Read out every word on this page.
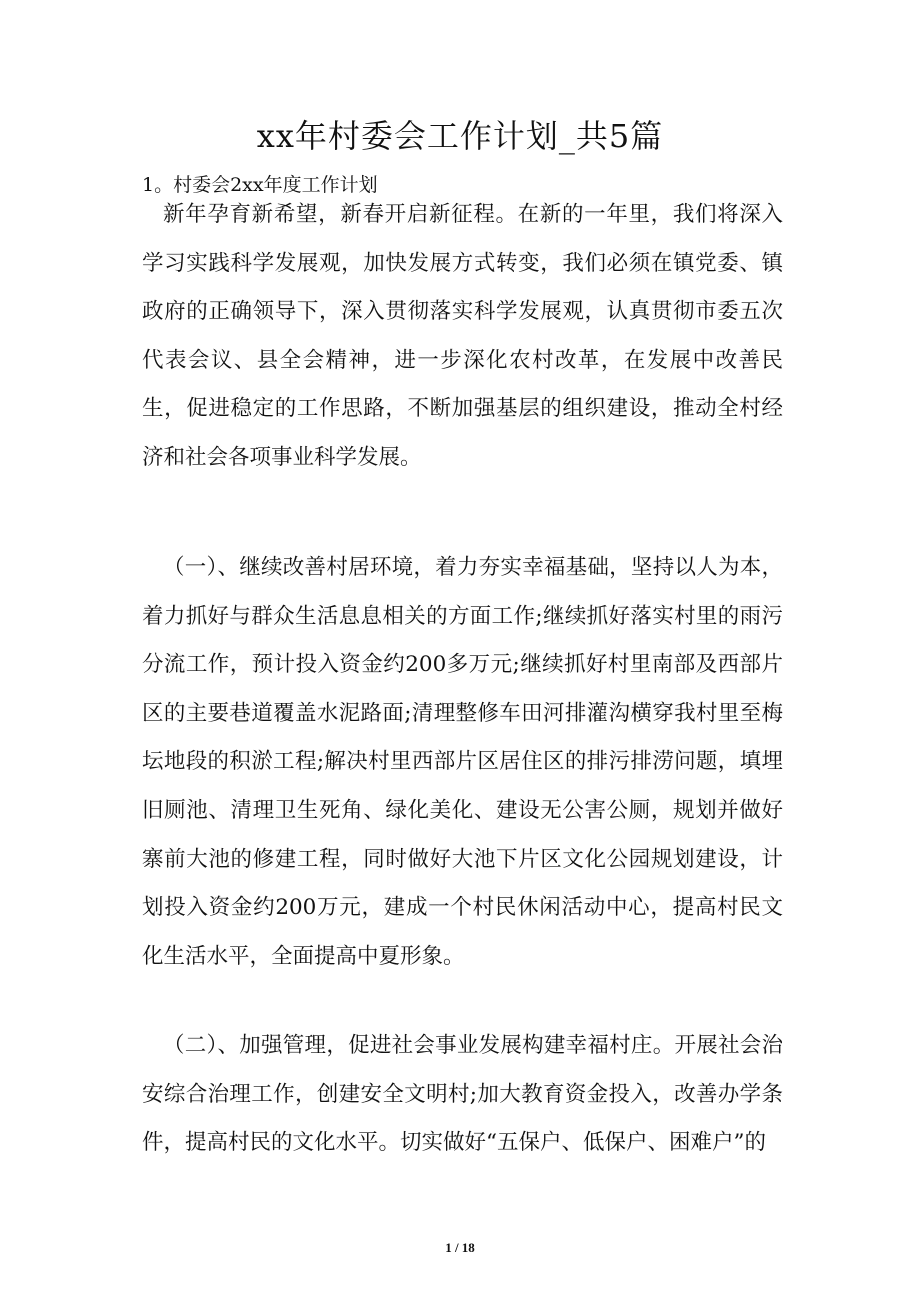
xx年村委会工作计划_共5篇

1。村委会2xx年度工作计划

新年孕育新希望，新春开启新征程。在新的一年里，我们将深入学习实践科学发展观，加快发展方式转变，我们必须在镇党委、镇政府的正确领导下，深入贯彻落实科学发展观，认真贯彻市委五次代表会议、县全会精神，进一步深化农村改革，在发展中改善民生，促进稳定的工作思路，不断加强基层的组织建设，推动全村经济和社会各项事业科学发展。

（一）、继续改善村居环境，着力夯实幸福基础，坚持以人为本，着力抓好与群众生活息息相关的方面工作;继续抓好落实村里的雨污分流工作，预计投入资金约200多万元;继续抓好村里南部及西部片区的主要巷道覆盖水泥路面;清理整修车田河排灌沟横穿我村里至梅坛地段的积淤工程;解决村里西部片区居住区的排污排涝问题，填埋旧厕池、清理卫生死角、绿化美化、建设无公害公厕，规划并做好寨前大池的修建工程，同时做好大池下片区文化公园规划建设，计划投入资金约200万元，建成一个村民休闲活动中心，提高村民文化生活水平，全面提高中夏形象。

（二）、加强管理，促进社会事业发展构建幸福村庄。开展社会治安综合治理工作，创建安全文明村;加大教育资金投入，改善办学条件，提高村民的文化水平。切实做好“五保户、低保户、困难户”的

1 / 18
